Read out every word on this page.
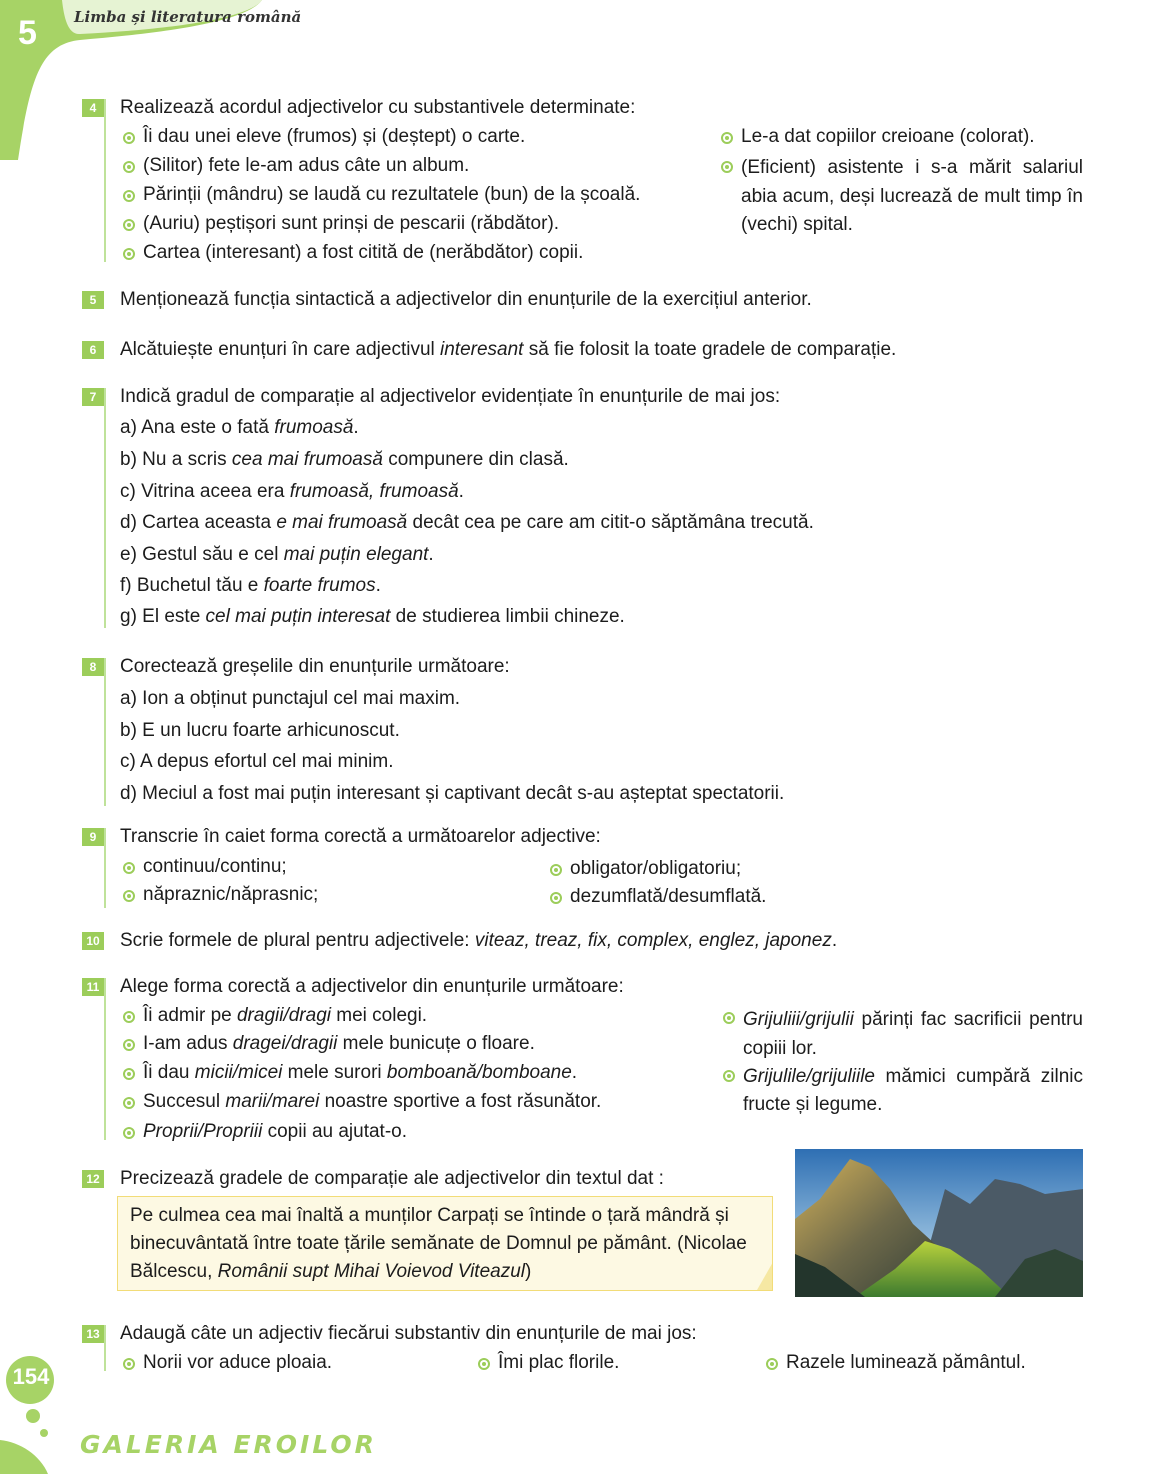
5 Limba și literatura română
4	Realizează acordul adjectivelor cu substantivele determinate:
Îi dau unei eleve (frumos) și (deștept) o carte.
(Silitor) fete le-am adus câte un album.
Părinții (mândru) se laudă cu rezultatele (bun) de la școală.
(Auriu) peștișori sunt prinși de pescarii (răbdător).
Cartea (interesant) a fost citită de (nerăbdător) copii.
Le-a dat copiilor creioane (colorat).
(Eficient) asistente i s-a mărit salariul abia acum, deși lucrează de mult timp în (vechi) spital.
5	Menționează funcția sintactică a adjectivelor din enunțurile de la exercițiul anterior.
6	Alcătuiește enunțuri în care adjectivul interesant să fie folosit la toate gradele de comparație.
7	Indică gradul de comparație al adjectivelor evidențiate în enunțurile de mai jos:
a) Ana este o fată frumoasă.
b) Nu a scris cea mai frumoasă compunere din clasă.
c) Vitrina aceea era frumoasă, frumoasă.
d) Cartea aceasta e mai frumoasă decât cea pe care am citit-o săptămâna trecută.
e) Gestul său e cel mai puțin elegant.
f) Buchetul tău e foarte frumos.
g) El este cel mai puțin interesat de studierea limbii chineze.
8	Corectează greșelile din enunțurile următoare:
a) Ion a obținut punctajul cel mai maxim.
b) E un lucru foarte arhicunoscut.
c) A depus efortul cel mai minim.
d) Meciul a fost mai puțin interesant și captivant decât s-au așteptat spectatorii.
9	Transcrie în caiet forma corectă a următoarelor adjective:
continuu/continu;
năpraznic/năprasnic;
obligator/obligatoriu;
dezumflată/desumflată.
10 Scrie formele de plural pentru adjectivele: viteaz, treaz, fix, complex, englez, japonez.
11 Alege forma corectă a adjectivelor din enunțurile următoare:
Îi admir pe dragii/dragi mei colegi.
I-am adus dragei/dragii mele bunicuțe o floare.
Îi dau micii/micei mele surori bomboană/bomboane.
Succesul marii/marei noastre sportive a fost răsunător.
Proprii/Propriii copii au ajutat-o.
Grijuliii/grijulii părinți fac sacrificii pentru copiii lor.
Grijulile/grijuliile mămici cumpără zilnic fructe și legume.
12 Precizează gradele de comparație ale adjectivelor din textul dat :
Pe culmea cea mai înaltă a munților Carpați se întinde o țară mândră și binecuvântată între toate țările semănate de Domnul pe pământ. (Nicolae Bălcescu, Românii supt Mihai Voievod Viteazul)
13 Adaugă câte un adjectiv fiecărui substantiv din enunțurile de mai jos:
Norii vor aduce ploaia.	Îmi plac florile.	Razele luminează pământul.
154
GALERIA EROILOR
